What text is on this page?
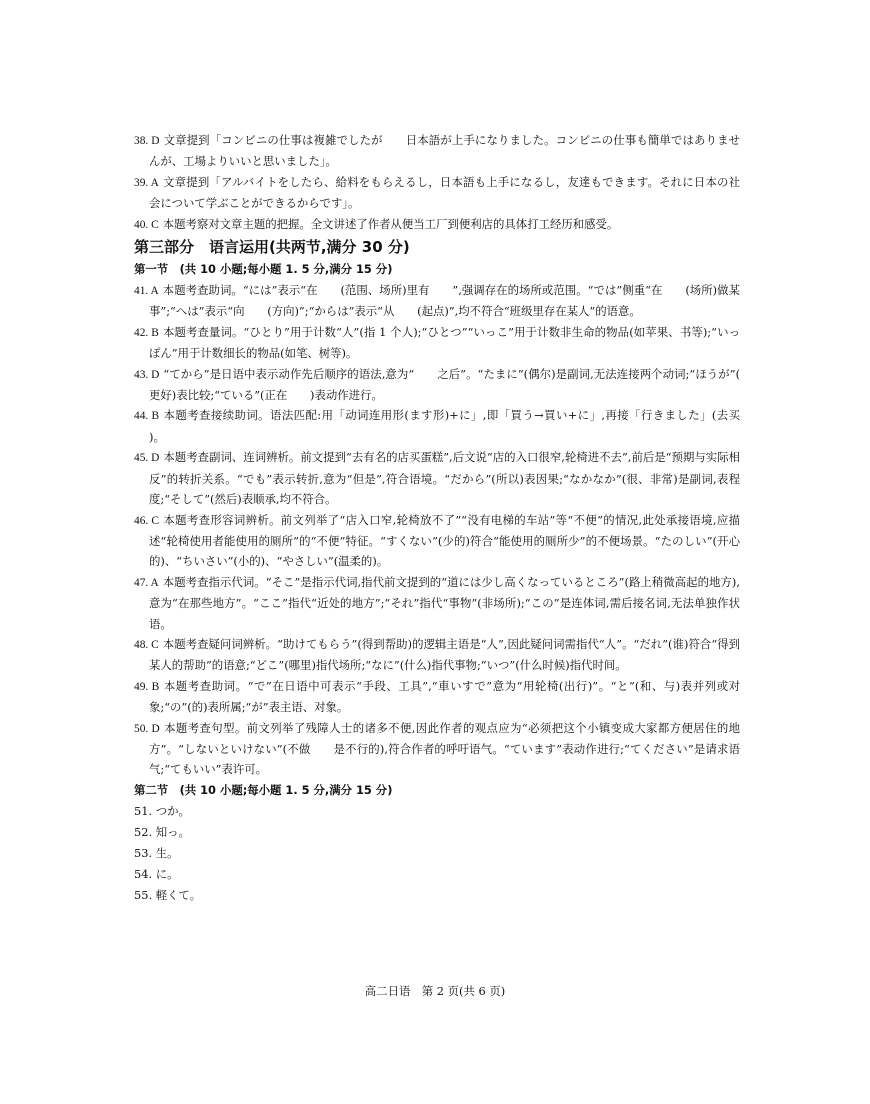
38. D 文章提到「コンビニの仕事は複雑でしたが　　日本語が上手になりました。コンビニの仕事も簡単ではありませんが、工場よりいいと思いました」。

39. A 文章提到「アルバイトをしたら、給料をもらえるし，日本語も上手になるし，友達もできます。それに日本の社会について学ぶことができるからです」。

40. C 本题考察对文章主题的把握。全文讲述了作者从便当工厂到便利店的具体打工经历和感受。

第三部分　语言运用(共两节,满分 30 分)
第一节　(共 10 小题;每小题 1. 5 分,满分 15 分)

41. A 本题考查助词。“には”表示“在　　(范围、场所)里有　　”,强调存在的场所或范围。“では”侧重“在　　(场所)做某事”;“へは”表示“向　　(方向)”;“からは”表示“从　　(起点)”,均不符合“班级里存在某人”的语意。

42. B 本题考查量词。“ひとり”用于计数“人”(指 1 个人);“ひとつ”“いっこ”用于计数非生命的物品(如苹果、书等);“いっぽん”用于计数细长的物品(如笔、树等)。

43. D “てから”是日语中表示动作先后顺序的语法,意为“　　之后”。“たまに”(偶尔)是副词,无法连接两个动词;“ほうが”(　　更好)表比较;“ている”(正在　　)表动作进行。

44. B 本题考查接续助词。语法匹配:用「动词连用形(ます形)+に」,即「買う→買い+に」,再接「行きました」(去买　　)。

45. D 本题考查副词、连词辨析。前文提到“去有名的店买蛋糕”,后文说“店的入口很窄,轮椅进不去”,前后是“预期与实际相反”的转折关系。“でも”表示转折,意为“但是”,符合语境。“だから”(所以)表因果;“なかなか”(很、非常)是副词,表程度;“そして”(然后)表顺承,均不符合。

46. C 本题考查形容词辨析。前文列举了“店入口窄,轮椅放不了”“没有电梯的车站”等“不便”的情况,此处承接语境,应描述“轮椅使用者能使用的厕所”的“不便”特征。“すくない”(少的)符合“能使用的厕所少”的不便场景。“たのしい”(开心的)、“ちいさい”(小的)、“やさしい”(温柔的)。

47. A 本题考查指示代词。“そこ”是指示代词,指代前文提到的“道には少し高くなっているところ”(路上稍微高起的地方),意为“在那些地方”。“ここ”指代“近处的地方”;“それ”指代“事物”(非场所);“この”是连体词,需后接名词,无法单独作状语。

48. C 本题考查疑问词辨析。“助けてもらう”(得到帮助)的逻辑主语是“人”,因此疑问词需指代“人”。“だれ”(谁)符合“得到某人的帮助”的语意;“どこ”(哪里)指代场所;“なに”(什么)指代事物;“いつ”(什么时候)指代时间。

49. B 本题考查助词。“で”在日语中可表示“手段、工具”,“車いすで”意为“用轮椅(出行)”。“と”(和、与)表并列或对象;“の”(的)表所属;“が”表主语、对象。

50. D 本题考查句型。前文列举了残障人士的诸多不便,因此作者的观点应为“必须把这个小镇变成大家都方便居住的地方”。“しないといけない”(不做　　是不行的),符合作者的呼吁语气。“ています”表动作进行;“てください”是请求语气;“てもいい”表许可。

第二节　(共 10 小题;每小题 1. 5 分,满分 15 分)

51. つか。

52. 知っ。

53. 生。

54. に。

55. 軽くて。

高二日语　第 2 页(共 6 页)
